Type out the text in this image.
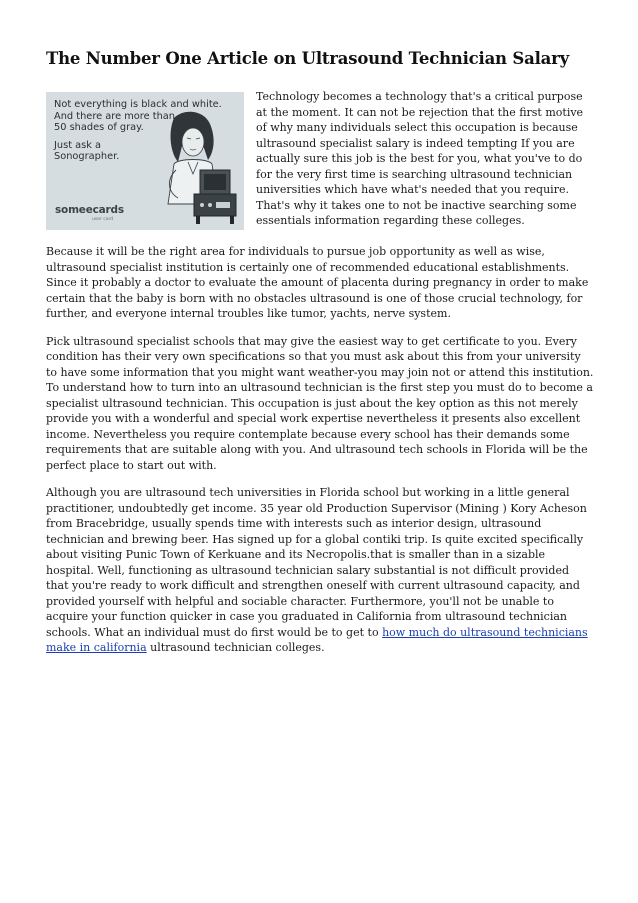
The Number One Article on Ultrasound Technician Salary
Not everything is black and white.
And there are more than
50 shades of gray.
Just ask a
Sonographer.
someecards
user card

Technology becomes a technology that's a critical purpose at the moment. It can not be rejection that the first motive of why many individuals select this occupation is because ultrasound specialist salary is indeed tempting If you are actually sure this job is the best for you, what you've to do for the very first time is searching ultrasound technician universities which have what's needed that you require. That's why it takes one to not be inactive searching some essentials information regarding these colleges.

Because it will be the right area for individuals to pursue job opportunity as well as wise, ultrasound specialist institution is certainly one of recommended educational establishments. Since it probably a doctor to evaluate the amount of placenta during pregnancy in order to make certain that the baby is born with no obstacles ultrasound is one of those crucial technology, for further, and everyone internal troubles like tumor, yachts, nerve system.

Pick ultrasound specialist schools that may give the easiest way to get certificate to you. Every condition has their very own specifications so that you must ask about this from your university to have some information that you might want weather-you may join not or attend this institution.
To understand how to turn into an ultrasound technician is the first step you must do to become a specialist ultrasound technician. This occupation is just about the key option as this not merely provide you with a wonderful and special work expertise nevertheless it presents also excellent income. Nevertheless you require contemplate because every school has their demands some requirements that are suitable along with you. And ultrasound tech schools in Florida will be the perfect place to start out with.

Although you are ultrasound tech universities in Florida school but working in a little general practitioner, undoubtedly get income. 35 year old Production Supervisor (Mining ) Kory Acheson from Bracebridge, usually spends time with interests such as interior design, ultrasound technician and brewing beer. Has signed up for a global contiki trip. Is quite excited specifically about visiting Punic Town of Kerkuane and its Necropolis.that is smaller than in a sizable hospital. Well, functioning as ultrasound technician salary substantial is not difficult provided that you're ready to work difficult and strengthen oneself with current ultrasound capacity, and provided yourself with helpful and sociable character. Furthermore, you'll not be unable to acquire your function quicker in case you graduated in California from ultrasound technician schools. What an individual must do first would be to get to how much do ultrasound technicians make in california ultrasound technician colleges.
